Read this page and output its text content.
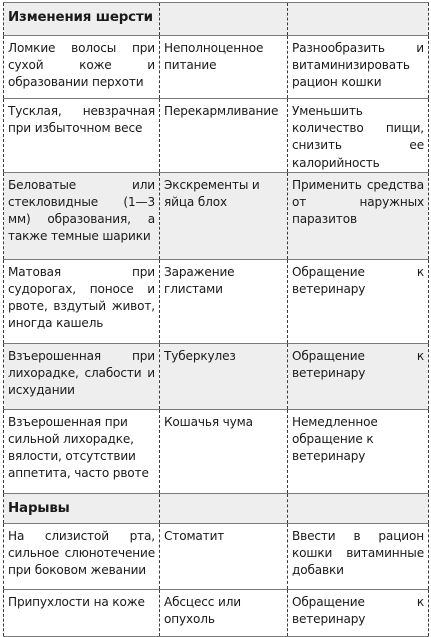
Изменения шерсти		
Ломкие волосы при сухой коже и образовании перхоти	Неполноценное питание	Разнообразить и витаминизировать рацион кошки
Тусклая, невзрачная при избыточном весе	Перекармливание	Уменьшить количество пищи, снизить ее калорийность
Беловатые или стекловидные (1—3 мм) образования, а также темные шарики	Экскременты и яйца блох	Применить средства от наружных паразитов
Матовая при судорогах, поносе и рвоте, вздутый живот, иногда кашель	Заражение глистами	Обращение к ветеринару
Взъерошенная при лихорадке, слабости и исхудании	Туберкулез	Обращение к ветеринару
Взъерошенная при сильной лихорадке, вялости, отсутствии аппетита, часто рвоте	Кошачья чума	Немедленное обращение к ветеринару
Нарывы		
На слизистой рта, сильное слюнотечение при боковом жевании	Стоматит	Ввести в рацион кошки витаминные добавки
Припухлости на коже	Абсцесс или опухоль	Обращение к ветеринару
